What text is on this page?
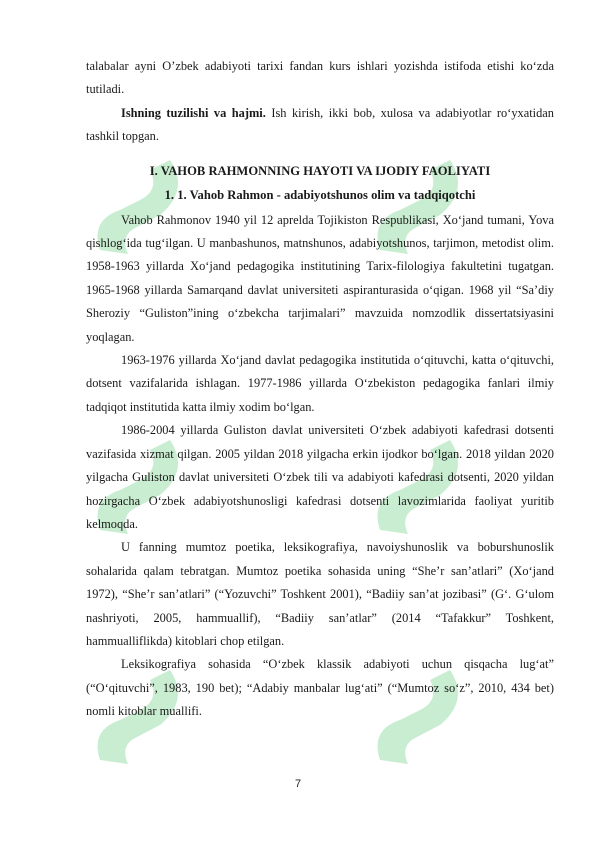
talabalar ayni O’zbek adabiyoti tarixi fandan kurs ishlari yozishda istifoda etishi ko‘zda tutiladi.

Ishning tuzilishi va hajmi. Ish kirish, ikki bob, xulosa va adabiyotlar ro‘yxatidan tashkil topgan.

I. VAHOB RAHMONNING HAYOTI VA IJODIY FAOLIYATI

1. 1. Vahob Rahmon - adabiyotshunos olim va tadqiqotchi

Vahob Rahmonov 1940 yil 12 aprelda Tojikiston Respublikasi, Xo‘jand tumani, Yova qishlog‘ida tug‘ilgan. U manbashunos, matnshunos, adabiyotshunos, tarjimon, metodist olim. 1958-1963 yillarda Xo‘jand pedagogika institutining Tarix-filologiya fakultetini tugatgan. 1965-1968 yillarda Samarqand davlat universiteti aspiranturasida o‘qigan. 1968 yil “Sa’diy Sheroziy “Guliston”ining o‘zbekcha tarjimalari” mavzuida nomzodlik dissertatsiyasini yoqlagan.

1963-1976 yillarda Xo‘jand davlat pedagogika institutida o‘qituvchi, katta o‘qituvchi, dotsent vazifalarida ishlagan. 1977-1986 yillarda O‘zbekiston pedagogika fanlari ilmiy tadqiqot institutida katta ilmiy xodim bo‘lgan.

1986-2004 yillarda Guliston davlat universiteti O‘zbek adabiyoti kafedrasi dotsenti vazifasida xizmat qilgan. 2005 yildan 2018 yilgacha erkin ijodkor bo‘lgan. 2018 yildan 2020 yilgacha Guliston davlat universiteti O‘zbek tili va adabiyoti kafedrasi dotsenti, 2020 yildan hozirgacha O‘zbek adabiyotshunosligi kafedrasi dotsenti lavozimlarida faoliyat yuritib kelmoqda.

U fanning mumtoz poetika, leksikografiya, navoiyshunoslik va boburshunoslik sohalarida qalam tebratgan. Mumtoz poetika sohasida uning “She’r san’atlari” (Xo‘jand 1972), “She’r san’atlari” (“Yozuvchi” Toshkent 2001), “Badiiy san’at jozibasi” (G‘. G‘ulom nashriyoti, 2005, hammuallif), “Badiiy san’atlar” (2014 “Tafakkur” Toshkent, hammualliflikda) kitoblari chop etilgan.

Leksikografiya sohasida “O‘zbek klassik adabiyoti uchun qisqacha lug‘at” (“O‘qituvchi”, 1983, 190 bet); “Adabiy manbalar lug‘ati” (“Mumtoz so‘z”, 2010, 434 bet) nomli kitoblar muallifi.

7
